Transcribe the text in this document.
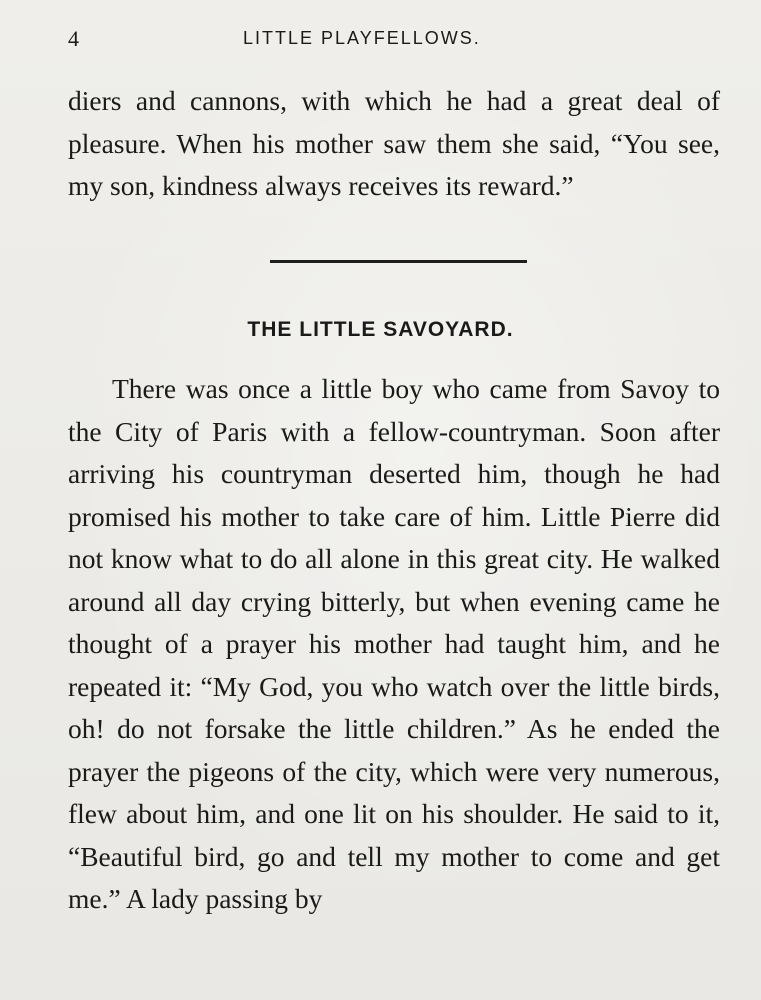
4	LITTLE PLAYFELLOWS.

diers and cannons, with which he had a great deal of pleasure. When his mother saw them she said, “You see, my son, kindness always receives its reward.”

THE LITTLE SAVOYARD.

There was once a little boy who came from Savoy to the City of Paris with a fellow-countryman. Soon after arriving his countryman deserted him, though he had promised his mother to take care of him. Little Pierre did not know what to do all alone in this great city. He walked around all day crying bitterly, but when evening came he thought of a prayer his mother had taught him, and he repeated it: “My God, you who watch over the little birds, oh! do not forsake the little children.” As he ended the prayer the pigeons of the city, which were very numerous, flew about him, and one lit on his shoulder. He said to it, “Beautiful bird, go and tell my mother to come and get me.” A lady passing by
